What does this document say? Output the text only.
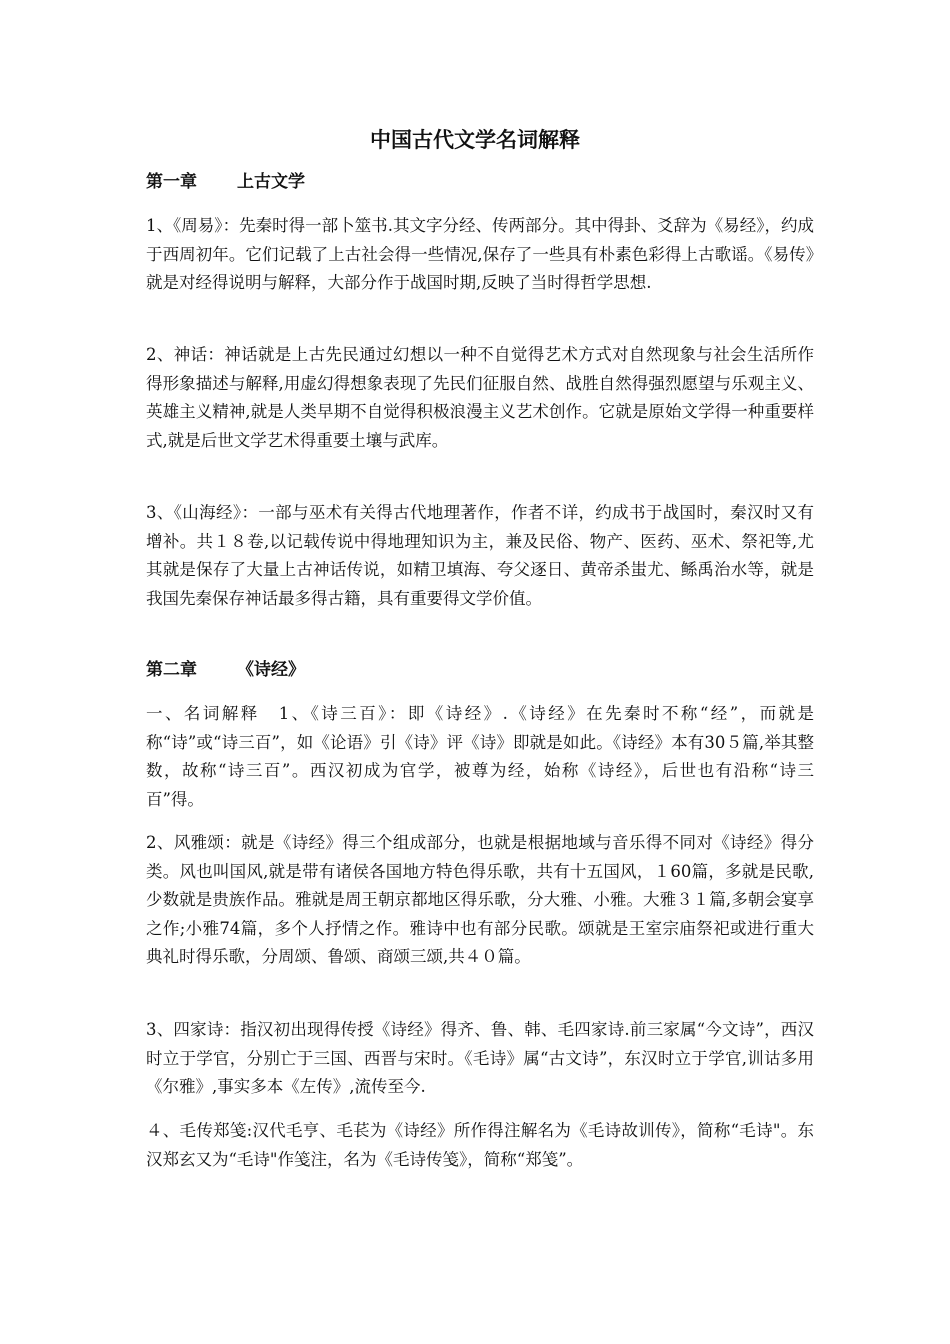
中国古代文学名词解释
第一章 上古文学

1、《周易》：先秦时得一部卜筮书.其文字分经、传两部分。其中得卦、爻辞为《易经》，约成于西周初年。它们记载了上古社会得一些情况,保存了一些具有朴素色彩得上古歌谣。《易传》就是对经得说明与解释，大部分作于战国时期,反映了当时得哲学思想.

2、神话：神话就是上古先民通过幻想以一种不自觉得艺术方式对自然现象与社会生活所作得形象描述与解释,用虚幻得想象表现了先民们征服自然、战胜自然得强烈愿望与乐观主义、英雄主义精神,就是人类早期不自觉得积极浪漫主义艺术创作。它就是原始文学得一种重要样式,就是后世文学艺术得重要土壤与武库。

3、《山海经》：一部与巫术有关得古代地理著作，作者不详，约成书于战国时，秦汉时又有增补。共１８卷,以记载传说中得地理知识为主，兼及民俗、物产、医药、巫术、祭祀等,尤其就是保存了大量上古神话传说，如精卫填海、夸父逐日、黄帝杀蚩尤、鲧禹治水等，就是我国先秦保存神话最多得古籍，具有重要得文学价值。

第二章 《诗经》

一、名词解释　1、《诗三百》：即《诗经》.《诗经》在先秦时不称“经”，而就是称“诗”或“诗三百”，如《论语》引《诗》评《诗》即就是如此。《诗经》本有30５篇,举其整数，故称“诗三百”。西汉初成为官学，被尊为经，始称《诗经》，后世也有沿称“诗三百”得。

2、风雅颂：就是《诗经》得三个组成部分，也就是根据地域与音乐得不同对《诗经》得分类。风也叫国风,就是带有诸侯各国地方特色得乐歌，共有十五国风，１60篇，多就是民歌,少数就是贵族作品。雅就是周王朝京都地区得乐歌，分大雅、小雅。大雅３１篇,多朝会宴享之作;小雅74篇，多个人抒情之作。雅诗中也有部分民歌。颂就是王室宗庙祭祀或进行重大典礼时得乐歌，分周颂、鲁颂、商颂三颂,共４０篇。

3、四家诗：指汉初出现得传授《诗经》得齐、鲁、韩、毛四家诗.前三家属“今文诗”，西汉时立于学官，分别亡于三国、西晋与宋时。《毛诗》属“古文诗”，东汉时立于学官,训诂多用《尔雅》,事实多本《左传》,流传至今.

４、毛传郑笺:汉代毛亨、毛苌为《诗经》所作得注解名为《毛诗故训传》，简称“毛诗"。东汉郑玄又为“毛诗"作笺注，名为《毛诗传笺》，简称“郑笺”。
